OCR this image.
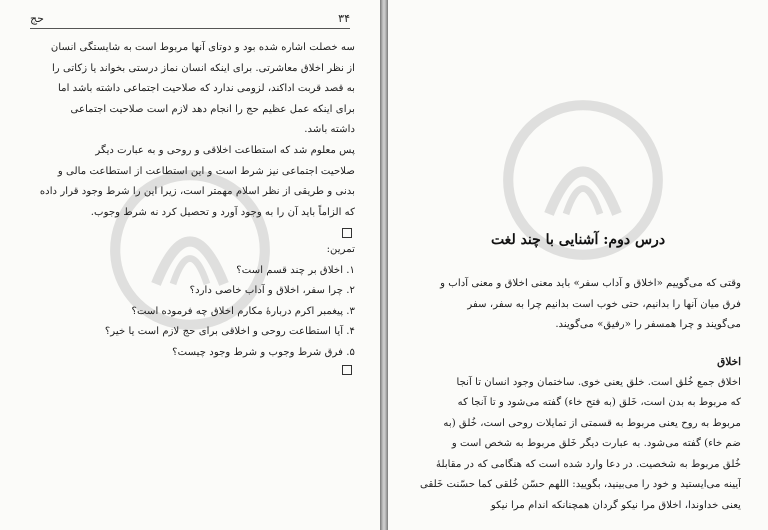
۳۴
حج
سه خصلت اشاره شده بود و دوتای آنها مربوط است به شایستگی انسان
از نظر اخلاق معاشرتی. برای اینکه انسان نماز درستی بخواند یا زکاتی را
به قصد قربت اداکند، لزومی ندارد که صلاحیت اجتماعی داشته باشد اما
برای اینکه عمل عظیم حج را انجام دهد لازم است صلاحیت اجتماعی
داشته باشد.
پس معلوم شد که استطاعت اخلاقی و روحی و به عبارت دیگر
صلاحیت اجتماعی نیز شرط است و این استطاعت از استطاعت مالی و
بدنی و طریقی از نظر اسلام مهمتر است، زیرا این را شرط وجود قرار داده
که الزاماً باید آن را به وجود آورد و تحصیل کرد نه شرط وجوب.
تمرین:
۱. اخلاق بر چند قسم است؟
۲. چرا سفر، اخلاق و آداب خاصی دارد؟
۳. پیغمبر اکرم دربارهٔ مکارم اخلاق چه فرموده است؟
۴. آیا استطاعت روحی و اخلاقی برای حج لازم است یا خیر؟
۵. فرق شرط وجوب و شرط وجود چیست؟
درس دوم: آشنایی با چند لغت
وقتی که می‌گوییم «اخلاق و آداب سفر» باید معنی اخلاق و معنی آداب و
فرق میان آنها را بدانیم، حتی خوب است بدانیم چرا به سفر، سفر
می‌گویند و چرا همسفر را «رفیق» می‌گویند.
اخلاق
اخلاق جمع خُلق است. خلق یعنی خوی. ساختمان وجود انسان تا آنجا
که مربوط به بدن است، خَلق (به فتح خاء) گفته می‌شود و تا آنجا که
مربوط به روح یعنی مربوط به قسمتی از تمایلات روحی است، خُلق (به
ضم خاء) گفته می‌شود. به عبارت دیگر خَلق مربوط به شخص است و
خُلق مربوط به شخصیت. در دعا وارد شده است که هنگامی که در مقابلهٔ
آیینه می‌ایستید و خود را می‌بینید، بگویید: اللهم حسّن خُلقی کما حسّنت خَلقی
یعنی خداوندا، اخلاق مرا نیکو گردان همچنانکه اندام مرا نیکو
